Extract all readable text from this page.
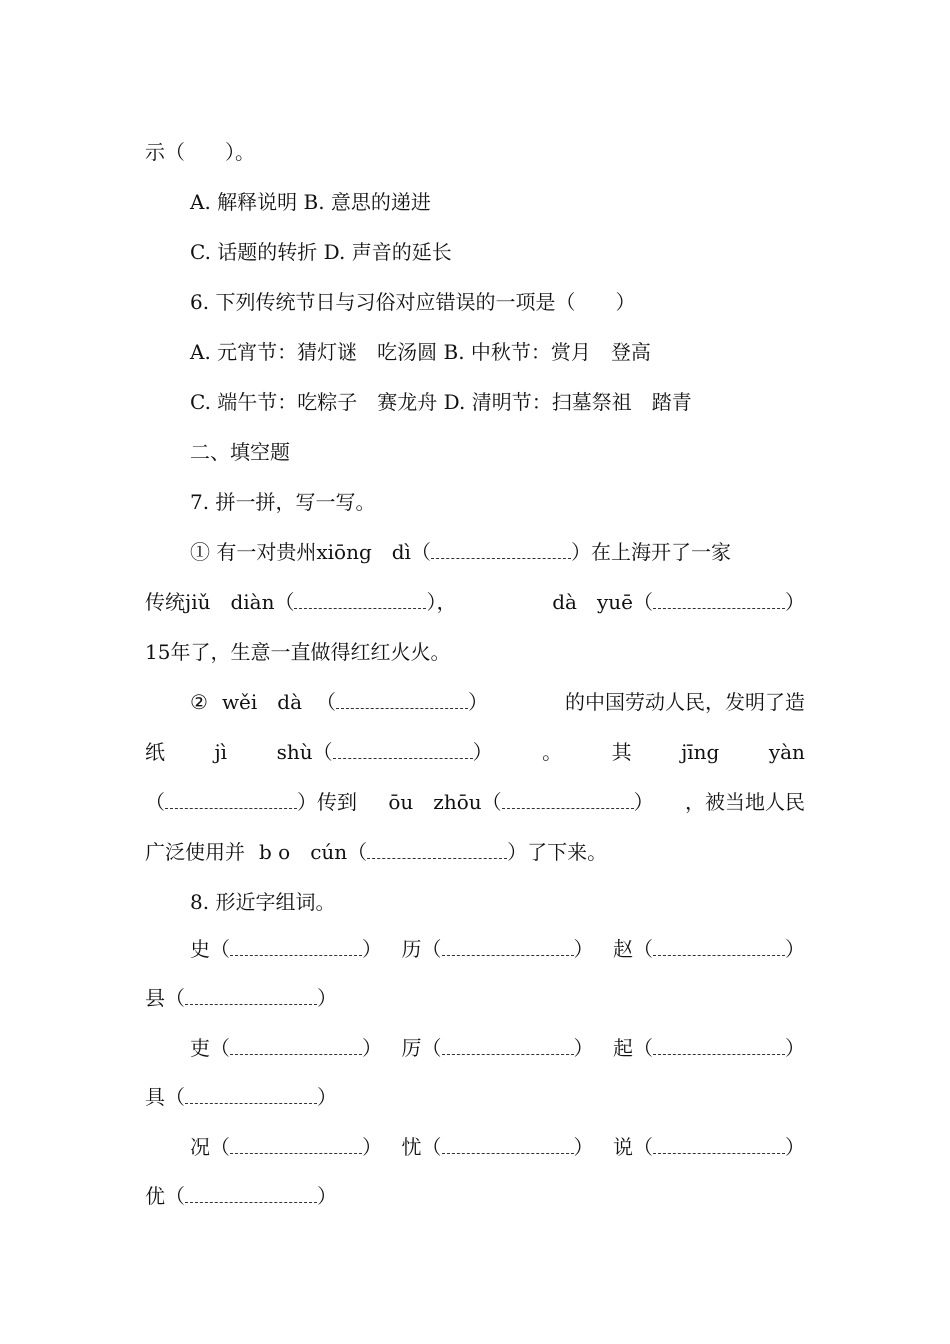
示（　　）。
A. 解释说明 B. 意思的递进
C. 话题的转折 D. 声音的延长
6. 下列传统节日与习俗对应错误的一项是（　　）
A. 元宵节：猜灯谜　吃汤圆 B. 中秋节：赏月　登高
C. 端午节：吃粽子　赛龙舟 D. 清明节：扫墓祭祖　踏青
二、填空题
7. 拼一拼，写一写。
① 有一对贵州xiōng　dì（	）在上海开了一家
传统jiǔ　diàn（	），	dà　yuē（	）
15年了，生意一直做得红红火火。
② wěi　dà （	）	的中国劳动人民，发明了造
纸 jì shù（	） 。 其 jīng yàn
（	）传到 ōu　zhōu（	） ，被当地人民
广泛使用并 b o　cún（	）了下来。
8. 形近字组词。
史（	） 历（	） 赵（	）
县（	）
吏（	） 厉（	） 起（	）
具（	）
况（	） 忧（	） 说（	）
优（	）
